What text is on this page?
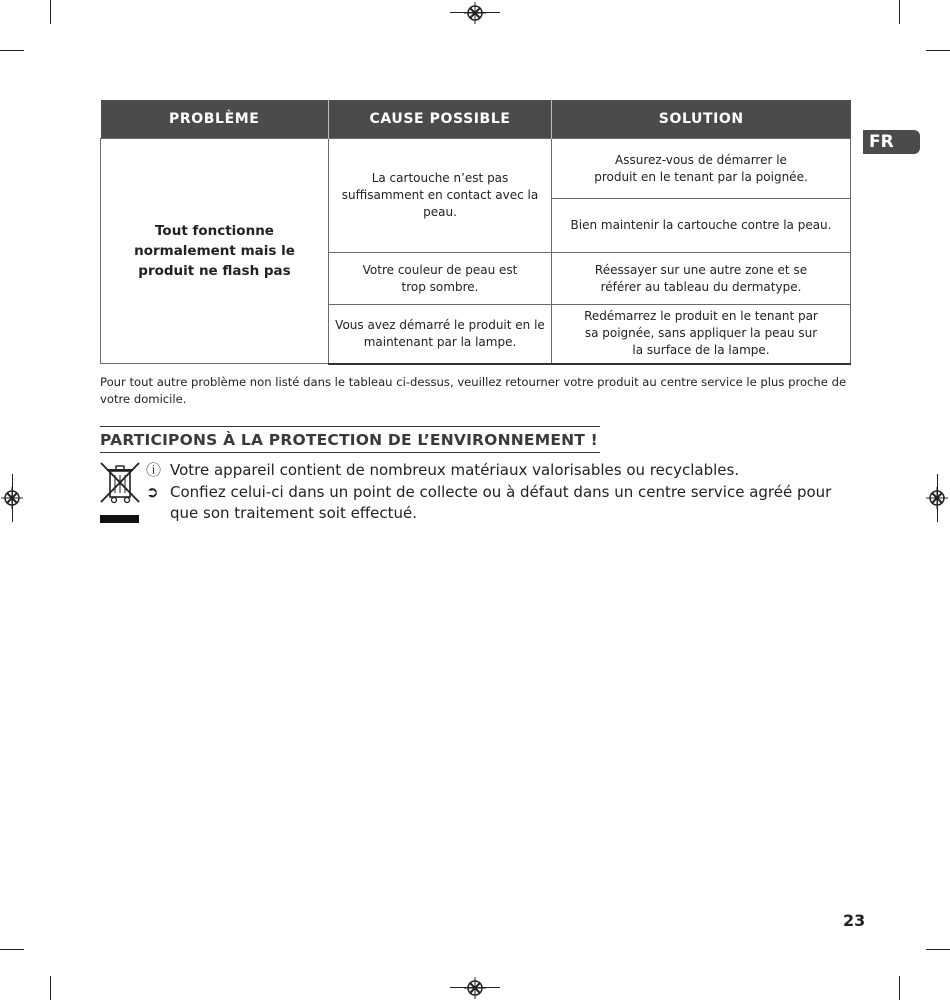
FR
PROBLÈME	CAUSE POSSIBLE	SOLUTION
Tout fonctionne normalement mais le produit ne flash pas	La cartouche n’est pas suffisamment en contact avec la peau.	Assurez-vous de démarrer le produit en le tenant par la poignée.
		Bien maintenir la cartouche contre la peau.
	Votre couleur de peau est trop sombre.	Réessayer sur une autre zone et se référer au tableau du dermatype.
	Vous avez démarré le produit en le maintenant par la lampe.	Redémarrez le produit en le tenant par sa poignée, sans appliquer la peau sur la surface de la lampe.
Pour tout autre problème non listé dans le tableau ci-dessus, veuillez retourner votre produit au centre service le plus proche de votre domicile.
PARTICIPONS À LA PROTECTION DE L’ENVIRONNEMENT !
ⓘ Votre appareil contient de nombreux matériaux valorisables ou recyclables.
➲ Confiez celui-ci dans un point de collecte ou à défaut dans un centre service agréé pour que son traitement soit effectué.
23
